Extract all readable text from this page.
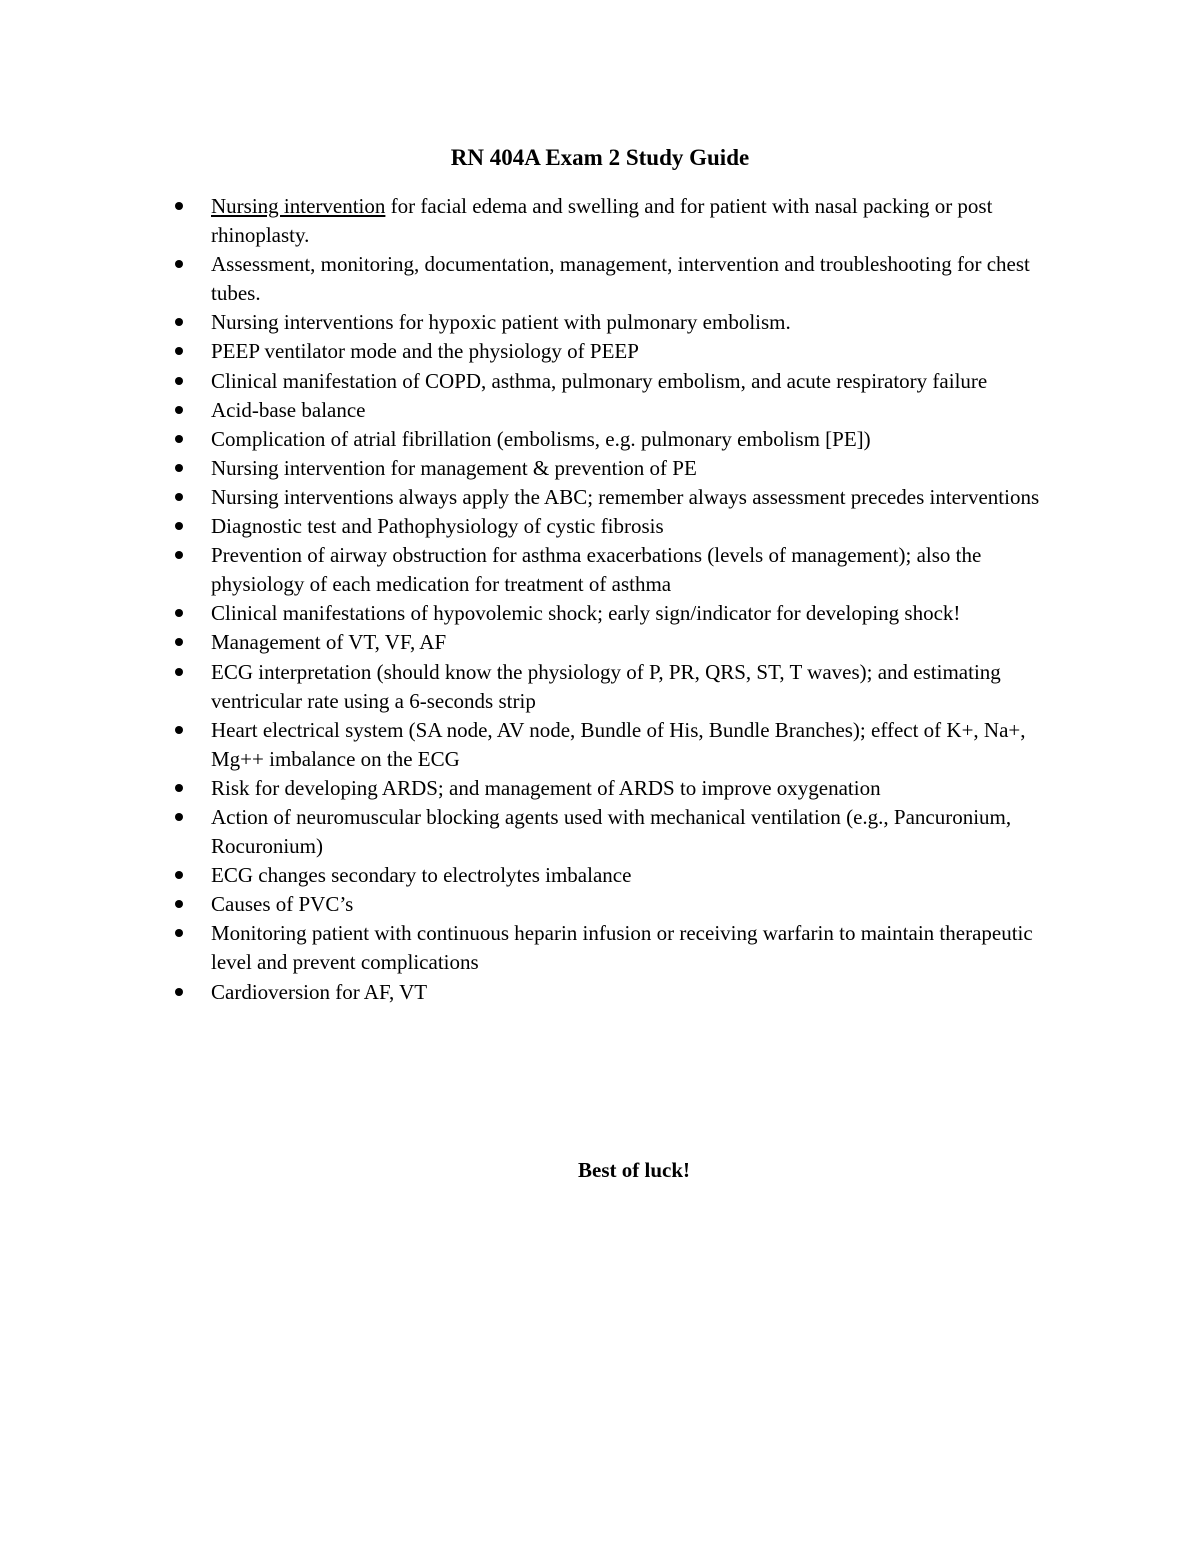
RN 404A Exam 2 Study Guide
Nursing intervention for facial edema and swelling and for patient with nasal packing or post rhinoplasty.
Assessment, monitoring, documentation, management, intervention and troubleshooting for chest tubes.
Nursing interventions for hypoxic patient with pulmonary embolism.
PEEP ventilator mode and the physiology of PEEP
Clinical manifestation of COPD, asthma, pulmonary embolism, and acute respiratory failure
Acid-base balance
Complication of atrial fibrillation (embolisms, e.g. pulmonary embolism [PE])
Nursing intervention for management & prevention of PE
Nursing interventions always apply the ABC; remember always assessment precedes interventions
Diagnostic test and Pathophysiology of cystic fibrosis
Prevention of airway obstruction for asthma exacerbations (levels of management); also the physiology of each medication for treatment of asthma
Clinical manifestations of hypovolemic shock; early sign/indicator for developing shock!
Management of VT, VF, AF
ECG interpretation (should know the physiology of P, PR, QRS, ST, T waves); and estimating ventricular rate using a 6-seconds strip
Heart electrical system (SA node, AV node, Bundle of His, Bundle Branches); effect of K+, Na+, Mg++ imbalance on the ECG
Risk for developing ARDS; and management of ARDS to improve oxygenation
Action of neuromuscular blocking agents used with mechanical ventilation (e.g., Pancuronium, Rocuronium)
ECG changes secondary to electrolytes imbalance
Causes of PVC’s
Monitoring patient with continuous heparin infusion or receiving warfarin to maintain therapeutic level and prevent complications
Cardioversion for AF, VT

Best of luck!
